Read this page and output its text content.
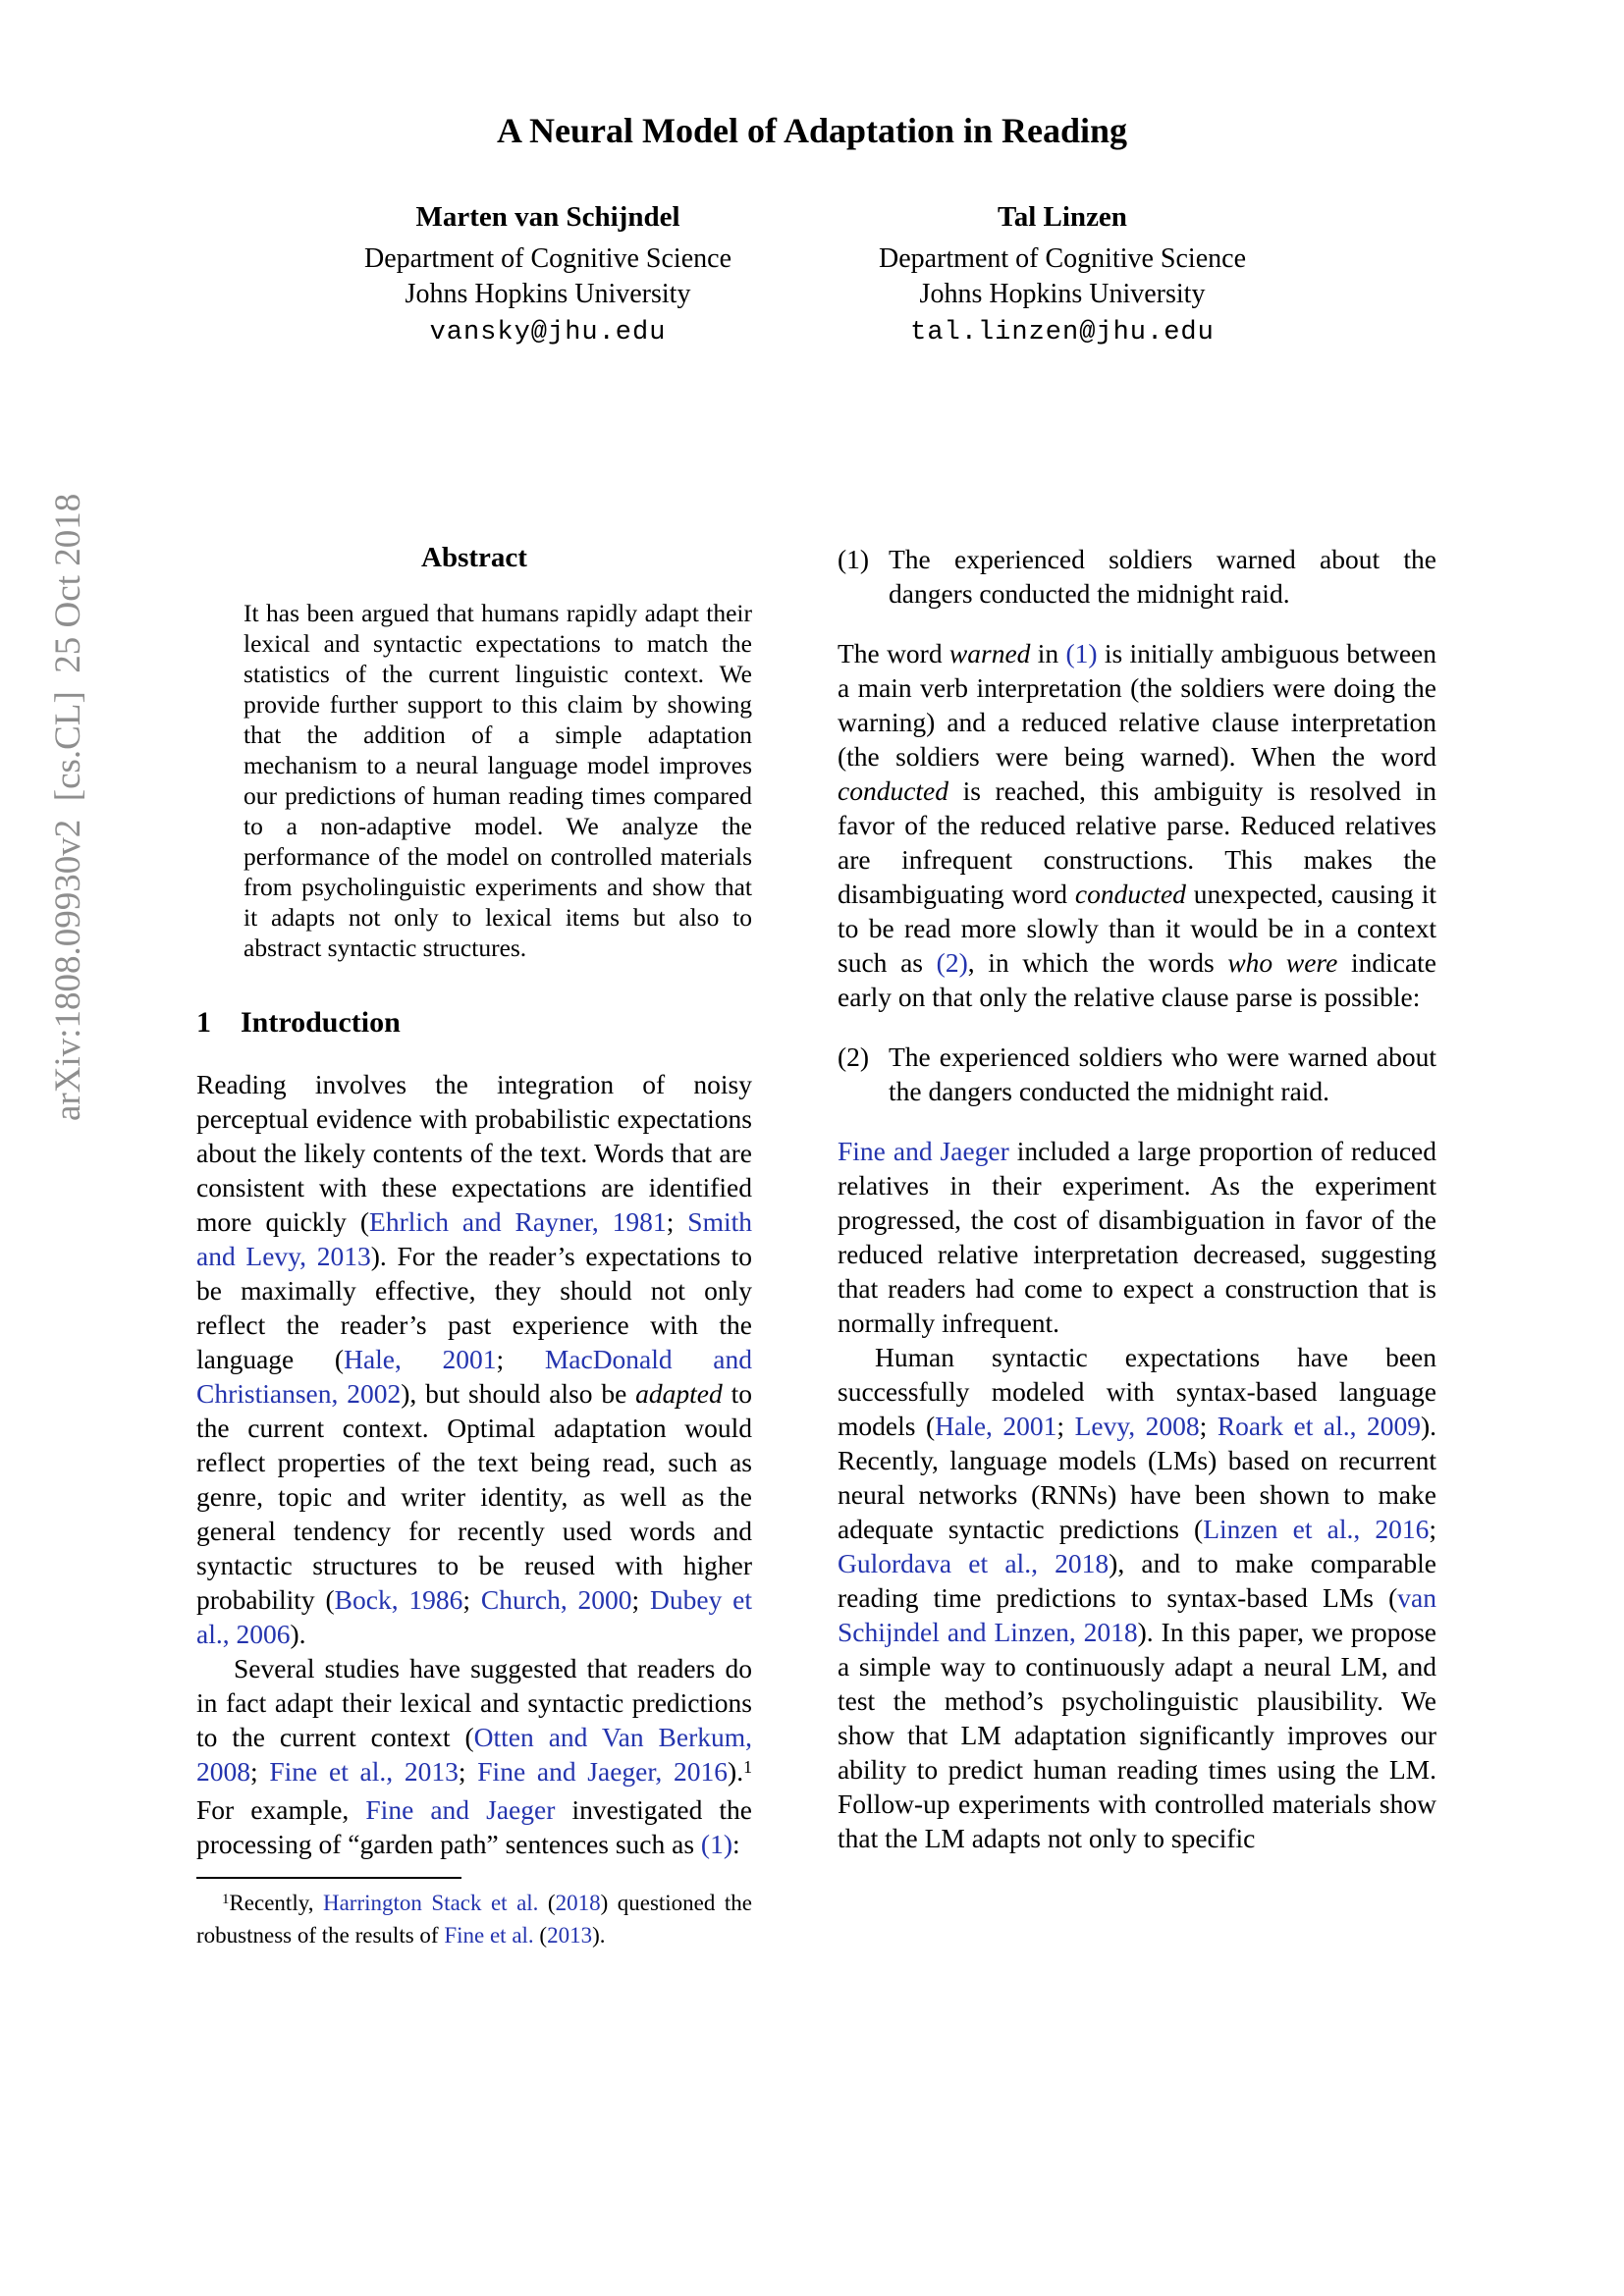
arXiv:1808.09930v2  [cs.CL]  25 Oct 2018
A Neural Model of Adaptation in Reading
Marten van Schijndel
Department of Cognitive Science
Johns Hopkins University
vansky@jhu.edu
Tal Linzen
Department of Cognitive Science
Johns Hopkins University
tal.linzen@jhu.edu
Abstract

It has been argued that humans rapidly adapt their lexical and syntactic expectations to match the statistics of the current linguistic context. We provide further support to this claim by showing that the addition of a simple adaptation mechanism to a neural language model improves our predictions of human reading times compared to a non-adaptive model. We analyze the performance of the model on controlled materials from psycholinguistic experiments and show that it adapts not only to lexical items but also to abstract syntactic structures.

1 Introduction

Reading involves the integration of noisy perceptual evidence with probabilistic expectations about the likely contents of the text. Words that are consistent with these expectations are identified more quickly (Ehrlich and Rayner, 1981; Smith and Levy, 2013). For the reader’s expectations to be maximally effective, they should not only reflect the reader’s past experience with the language (Hale, 2001; MacDonald and Christiansen, 2002), but should also be adapted to the current context. Optimal adaptation would reflect properties of the text being read, such as genre, topic and writer identity, as well as the general tendency for recently used words and syntactic structures to be reused with higher probability (Bock, 1986; Church, 2000; Dubey et al., 2006).

Several studies have suggested that readers do in fact adapt their lexical and syntactic predictions to the current context (Otten and Van Berkum, 2008; Fine et al., 2013; Fine and Jaeger, 2016).$^1$ For example, Fine and Jaeger investigated the processing of “garden path” sentences such as (1):

$^1$Recently, Harrington Stack et al. (2018) questioned the robustness of the results of Fine et al. (2013).

(1) The experienced soldiers warned about the dangers conducted the midnight raid.

The word warned in (1) is initially ambiguous between a main verb interpretation (the soldiers were doing the warning) and a reduced relative clause interpretation (the soldiers were being warned). When the word conducted is reached, this ambiguity is resolved in favor of the reduced relative parse. Reduced relatives are infrequent constructions. This makes the disambiguating word conducted unexpected, causing it to be read more slowly than it would be in a context such as (2), in which the words who were indicate early on that only the relative clause parse is possible:

(2) The experienced soldiers who were warned about the dangers conducted the midnight raid.

Fine and Jaeger included a large proportion of reduced relatives in their experiment. As the experiment progressed, the cost of disambiguation in favor of the reduced relative interpretation decreased, suggesting that readers had come to expect a construction that is normally infrequent.

Human syntactic expectations have been successfully modeled with syntax-based language models (Hale, 2001; Levy, 2008; Roark et al., 2009). Recently, language models (LMs) based on recurrent neural networks (RNNs) have been shown to make adequate syntactic predictions (Linzen et al., 2016; Gulordava et al., 2018), and to make comparable reading time predictions to syntax-based LMs (van Schijndel and Linzen, 2018). In this paper, we propose a simple way to continuously adapt a neural LM, and test the method’s psycholinguistic plausibility. We show that LM adaptation significantly improves our ability to predict human reading times using the LM. Follow-up experiments with controlled materials show that the LM adapts not only to specific
